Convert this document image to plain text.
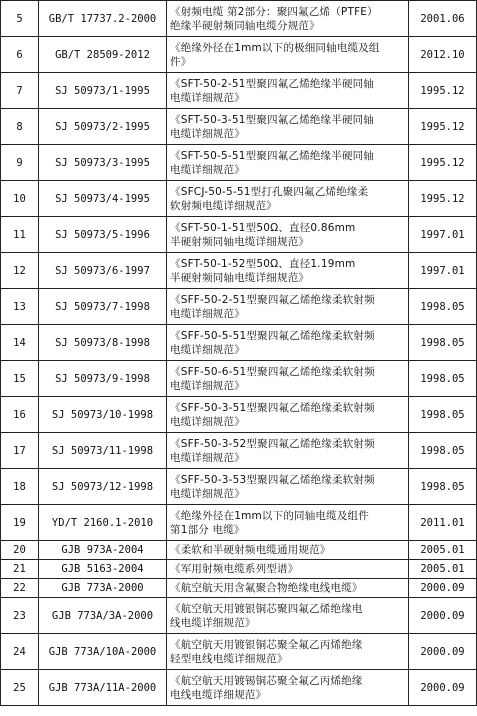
5	GB/T 17737.2-2000	《射频电缆 第2部分：聚四氟乙烯（PTFE）
绝缘半硬射频同轴电缆分规范》	2001.06
6	GB/T 28509-2012	《绝缘外径在1mm以下的极细同轴电缆及组
件》	2012.10
7	SJ 50973/1-1995	《SFT-50-2-51型聚四氟乙烯绝缘半硬同轴
电缆详细规范》	1995.12
8	SJ 50973/2-1995	《SFT-50-3-51型聚四氟乙烯绝缘半硬同轴
电缆详细规范》	1995.12
9	SJ 50973/3-1995	《SFT-50-5-51型聚四氟乙烯绝缘半硬同轴
电缆详细规范》	1995.12
10	SJ 50973/4-1995	《SFCJ-50-5-51型打孔聚四氟乙烯绝缘柔
软射频电缆详细规范》	1995.12
11	SJ 50973/5-1996	《SFT-50-1-51型50Ω、直径0.86mm
半硬射频同轴电缆详细规范》	1997.01
12	SJ 50973/6-1997	《SFT-50-1-52型50Ω、直径1.19mm
半硬射频同轴电缆详细规范》	1997.01
13	SJ 50973/7-1998	《SFF-50-2-51型聚四氟乙烯绝缘柔软射频
电缆详细规范》	1998.05
14	SJ 50973/8-1998	《SFF-50-5-51型聚四氟乙烯绝缘柔软射频
电缆详细规范》	1998.05
15	SJ 50973/9-1998	《SFF-50-6-51型聚四氟乙烯绝缘柔软射频
电缆详细规范》	1998.05
16	SJ 50973/10-1998	《SFF-50-3-51型聚四氟乙烯绝缘柔软射频
电缆详细规范》	1998.05
17	SJ 50973/11-1998	《SFF-50-3-52型聚四氟乙烯绝缘柔软射频
电缆详细规范》	1998.05
18	SJ 50973/12-1998	《SFF-50-3-53型聚四氟乙烯绝缘柔软射频
电缆详细规范》	1998.05
19	YD/T 2160.1-2010	《绝缘外径在1mm以下的同轴电缆及组件
第1部分 电缆》	2011.01
20	GJB 973A-2004	《柔软和半硬射频电缆通用规范》	2005.01
21	GJB 5163-2004	《军用射频电缆系列型谱》	2005.01
22	GJB 773A-2000	《航空航天用含氟聚合物绝缘电线电缆》	2000.09
23	GJB 773A/3A-2000	《航空航天用镀银铜芯聚四氟乙烯绝缘电
线电缆详细规范》	2000.09
24	GJB 773A/10A-2000	《航空航天用镀银铜芯聚全氟乙丙烯绝缘
轻型电线电缆详细规范》	2000.09
25	GJB 773A/11A-2000	《航空航天用镀锡铜芯聚全氟乙丙烯绝缘
电线电缆详细规范》	2000.09
